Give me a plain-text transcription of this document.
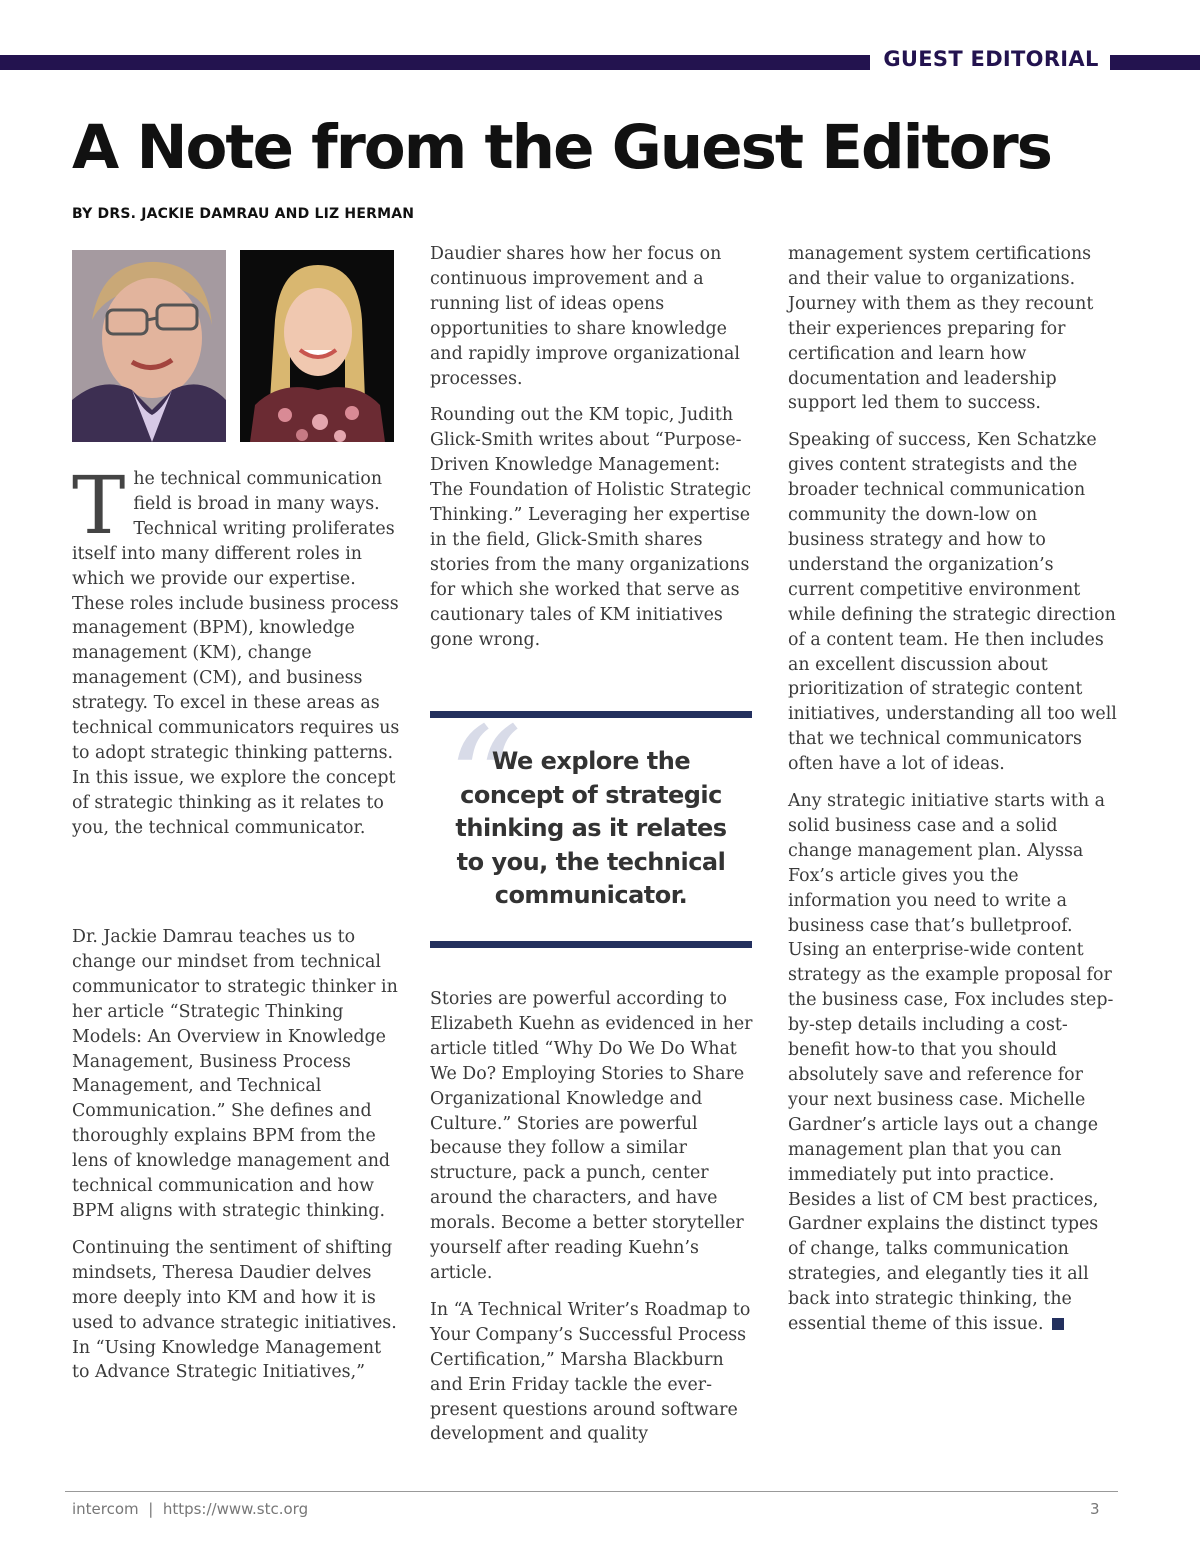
GUEST EDITORIAL
A Note from the Guest Editors
BY DRS. JACKIE DAMRAU AND LIZ HERMAN

The technical communication field is broad in many ways. Technical writing proliferates itself into many different roles in which we provide our expertise. These roles include business process management (BPM), knowledge management (KM), change management (CM), and business strategy. To excel in these areas as technical communicators requires us to adopt strategic thinking patterns. In this issue, we explore the concept of strategic thinking as it relates to you, the technical communicator.

Dr. Jackie Damrau teaches us to change our mindset from technical communicator to strategic thinker in her article “Strategic Thinking Models: An Overview in Knowledge Management, Business Process Management, and Technical Communication.” She defines and thoroughly explains BPM from the lens of knowledge management and technical communication and how BPM aligns with strategic thinking.

Continuing the sentiment of shifting mindsets, Theresa Daudier delves more deeply into KM and how it is used to advance strategic initiatives. In “Using Knowledge Management to Advance Strategic Initiatives,”

Daudier shares how her focus on continuous improvement and a running list of ideas opens opportunities to share knowledge and rapidly improve organizational processes.

Rounding out the KM topic, Judith Glick-Smith writes about “Purpose-Driven Knowledge Management: The Foundation of Holistic Strategic Thinking.” Leveraging her expertise in the field, Glick-Smith shares stories from the many organizations for which she worked that serve as cautionary tales of KM initiatives gone wrong.

“
We explore the concept of strategic thinking as it relates to you, the technical communicator.

Stories are powerful according to Elizabeth Kuehn as evidenced in her article titled “Why Do We Do What We Do? Employing Stories to Share Organizational Knowledge and Culture.” Stories are powerful because they follow a similar structure, pack a punch, center around the characters, and have morals. Become a better storyteller yourself after reading Kuehn’s article.

In “A Technical Writer’s Roadmap to Your Company’s Successful Process Certification,” Marsha Blackburn and Erin Friday tackle the ever-present questions around software development and quality

management system certifications and their value to organizations. Journey with them as they recount their experiences preparing for certification and learn how documentation and leadership support led them to success.

Speaking of success, Ken Schatzke gives content strategists and the broader technical communication community the down-low on business strategy and how to understand the organization’s current competitive environment while defining the strategic direction of a content team. He then includes an excellent discussion about prioritization of strategic content initiatives, understanding all too well that we technical communicators often have a lot of ideas.

Any strategic initiative starts with a solid business case and a solid change management plan. Alyssa Fox’s article gives you the information you need to write a business case that’s bulletproof. Using an enterprise-wide content strategy as the example proposal for the business case, Fox includes step-by-step details including a cost-benefit how-to that you should absolutely save and reference for your next business case. Michelle Gardner’s article lays out a change management plan that you can immediately put into practice. Besides a list of CM best practices, Gardner explains the distinct types of change, talks communication strategies, and elegantly ties it all back into strategic thinking, the essential theme of this issue.

intercom | https://www.stc.org	3
